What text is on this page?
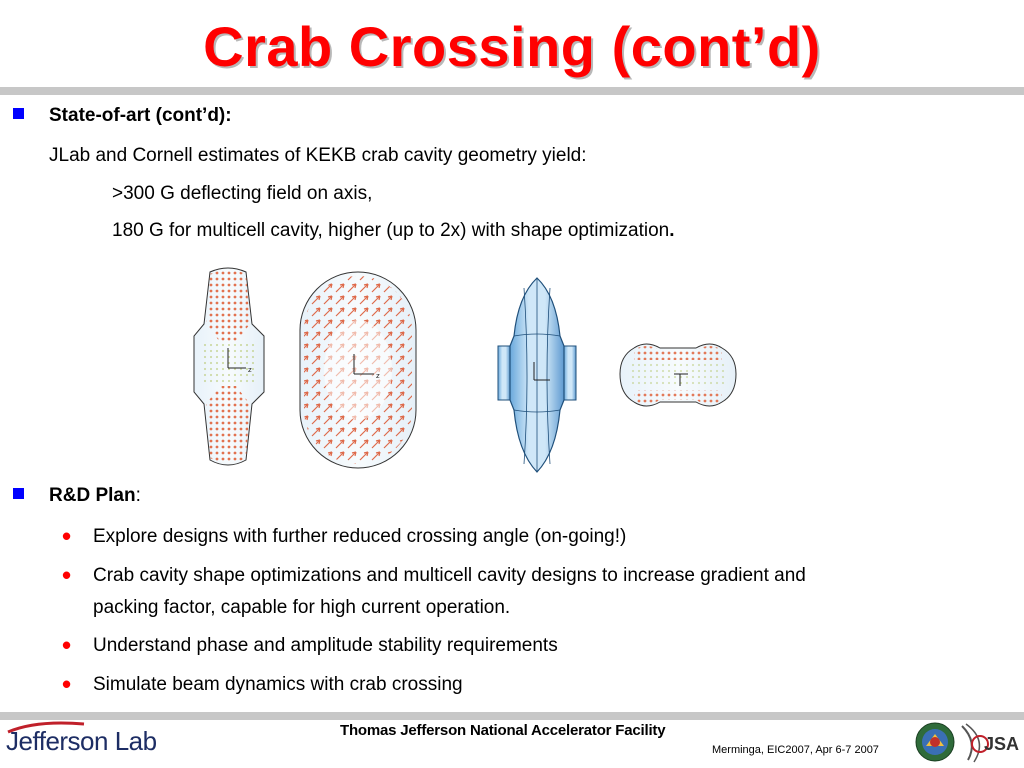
Crab Crossing (cont’d)
State-of-art (cont’d):
JLab and Cornell estimates of KEKB crab cavity geometry yield:
>300 G deflecting field on axis,
180 G for multicell cavity, higher (up to 2x) with shape optimization.
z
z
R&D Plan:
• Explore designs with further reduced crossing angle (on-going!)
• Crab cavity shape optimizations and multicell cavity designs to increase gradient and
packing factor, capable for high current operation.
• Understand phase and amplitude stability requirements
• Simulate beam dynamics with crab crossing
Jefferson Lab	Thomas Jefferson National Accelerator Facility
Merminga, EIC2007, Apr 6-7 2007	JSA
